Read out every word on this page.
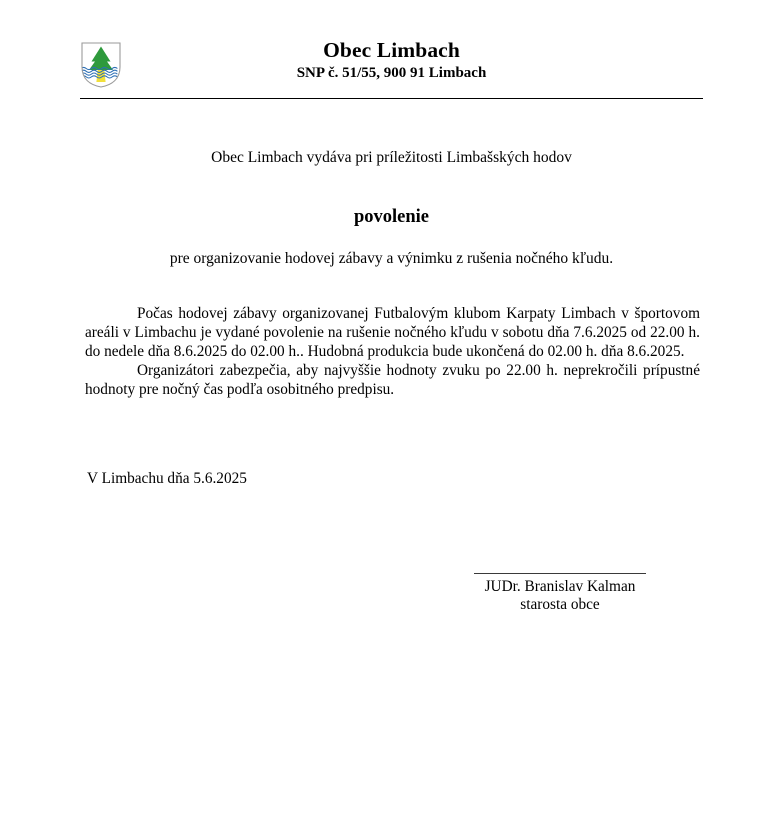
Obec Limbach
SNP č. 51/55, 900 91 Limbach
Obec Limbach vydáva pri príležitosti Limbašských hodov
povolenie
pre organizovanie hodovej zábavy a výnimku z rušenia nočného kľudu.

Počas hodovej zábavy organizovanej Futbalovým klubom Karpaty Limbach v športovom areáli v Limbachu je vydané povolenie na rušenie nočného kľudu v sobotu dňa 7.6.2025 od 22.00 h. do nedele dňa 8.6.2025 do 02.00 h.. Hudobná produkcia bude ukončená do 02.00 h. dňa 8.6.2025.

Organizátori zabezpečia, aby najvyššie hodnoty zvuku po 22.00 h. neprekročili prípustné hodnoty pre nočný čas podľa osobitného predpisu.

V Limbachu dňa 5.6.2025
JUDr. Branislav Kalman
starosta obce
